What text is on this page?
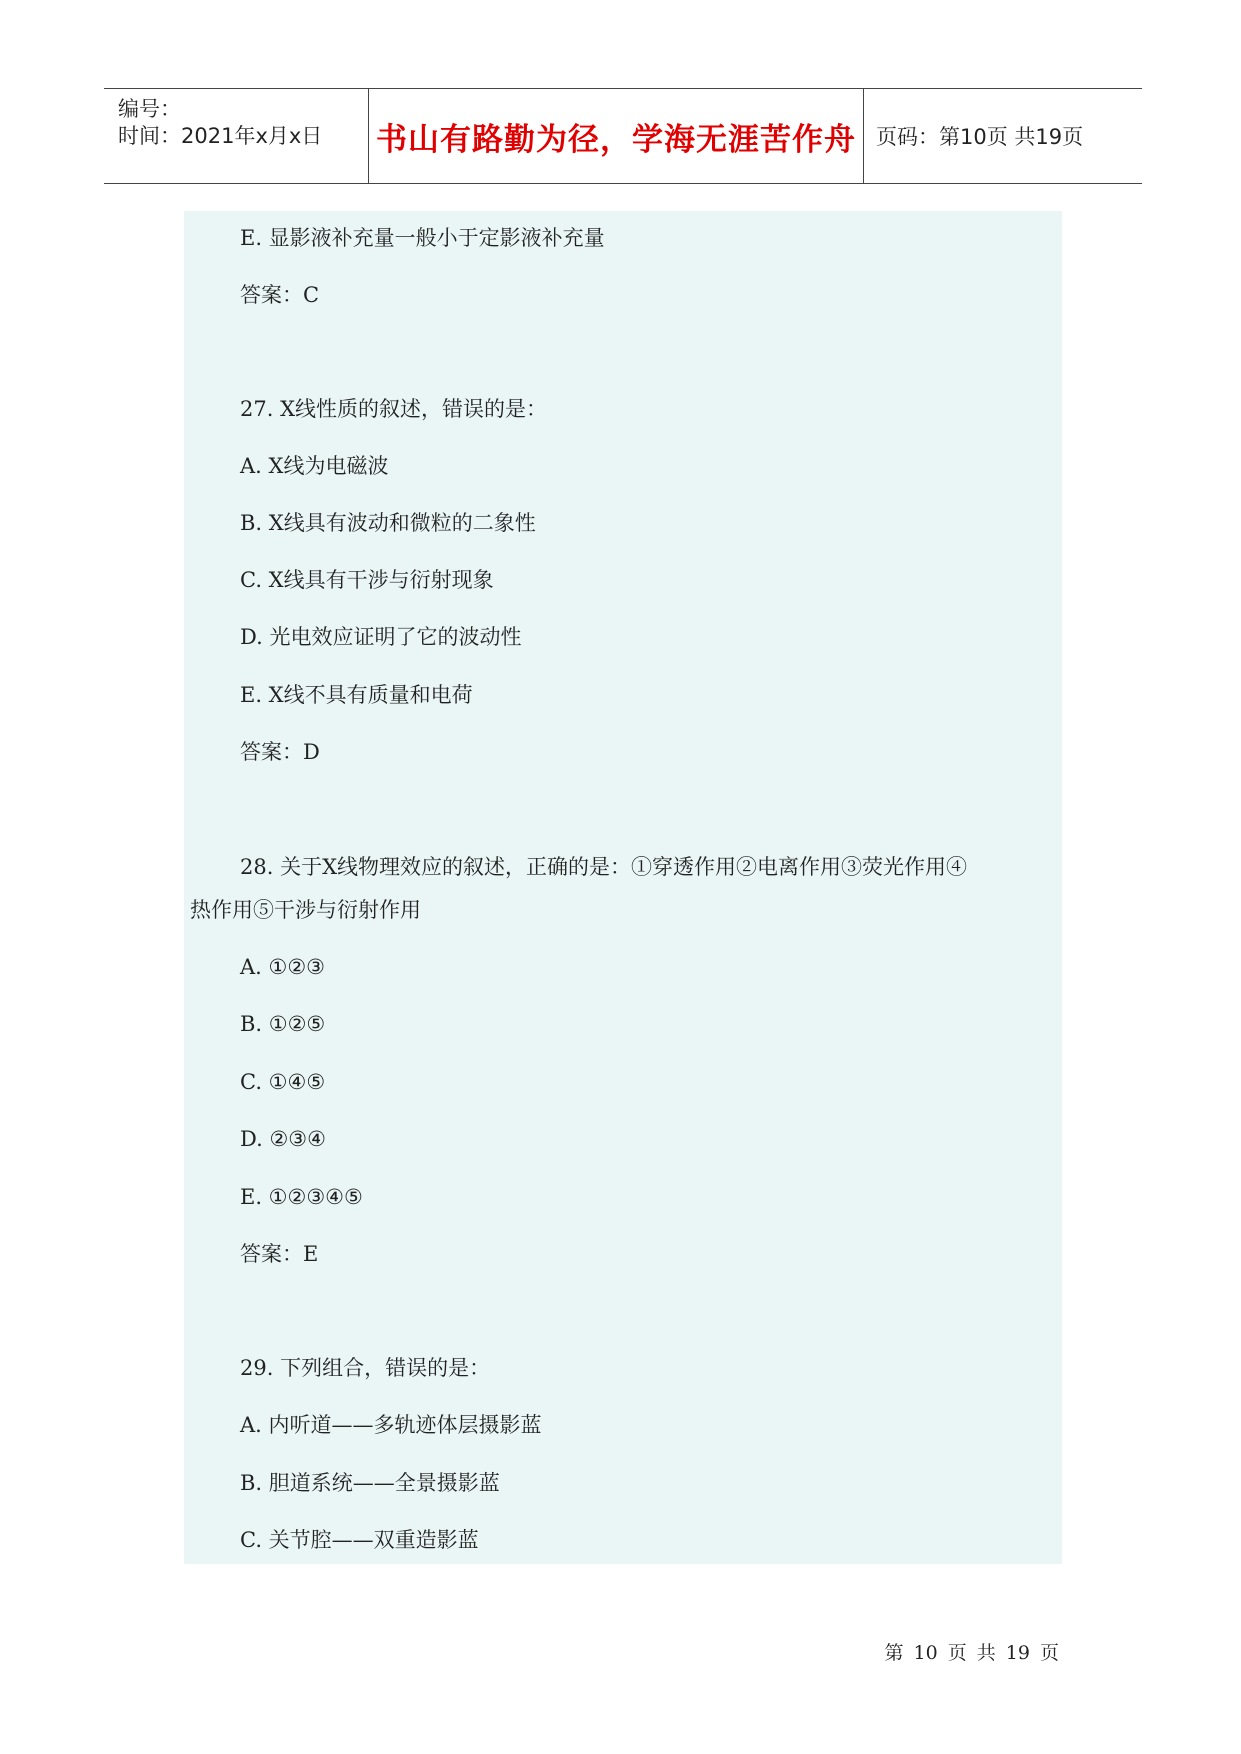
编号：
时间：2021年x月x日 书山有路勤为径，学海无涯苦作舟 页码：第10页 共19页
E. 显影液补充量一般小于定影液补充量
答案：C
27. X线性质的叙述，错误的是：
A. X线为电磁波
B. X线具有波动和微粒的二象性
C. X线具有干涉与衍射现象
D. 光电效应证明了它的波动性
E. X线不具有质量和电荷
答案：D
28. 关于X线物理效应的叙述，正确的是：①穿透作用②电离作用③荧光作用④
热作用⑤干涉与衍射作用
A. ①②③
B. ①②⑤
C. ①④⑤
D. ②③④
E. ①②③④⑤
答案：E
29. 下列组合，错误的是：
A. 内听道——多轨迹体层摄影蓝
B. 胆道系统——全景摄影蓝
C. 关节腔——双重造影蓝
第 10 页 共 19 页
